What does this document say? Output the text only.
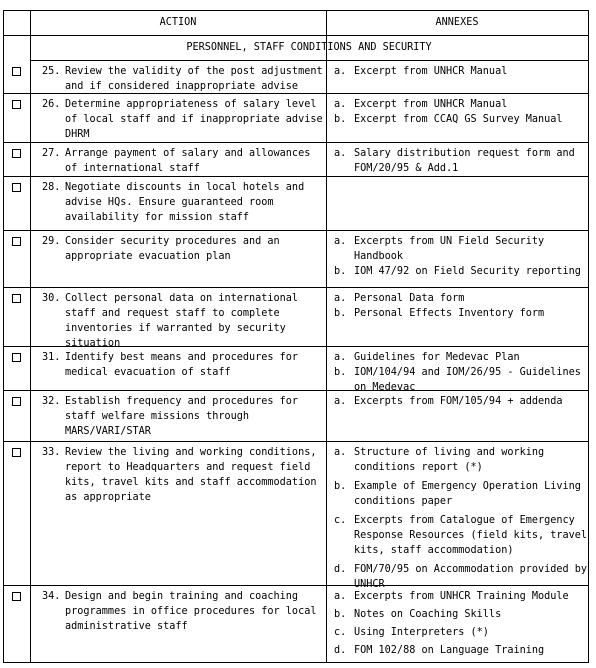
ACTION	ANNEXES
PERSONNEL, STAFF CONDITIONS AND SECURITY
25. Review the validity of the post adjustment
and if considered inappropriate advise
a. Excerpt from UNHCR Manual
26. Determine appropriateness of salary level
of local staff and if inappropriate advise
DHRM
a. Excerpt from UNHCR Manual
b. Excerpt from CCAQ GS Survey Manual
27. Arrange payment of salary and allowances
of international staff
a. Salary distribution request form and
FOM/20/95 & Add.1
28. Negotiate discounts in local hotels and
advise HQs. Ensure guaranteed room
availability for mission staff
29. Consider security procedures and an
appropriate evacuation plan
a. Excerpts from UN Field Security
Handbook
b. IOM 47/92 on Field Security reporting
30. Collect personal data on international
staff and request staff to complete
inventories if warranted by security
situation
a. Personal Data form
b. Personal Effects Inventory form
31. Identify best means and procedures for
medical evacuation of staff
a. Guidelines for Medevac Plan
b. IOM/104/94 and IOM/26/95 - Guidelines
on Medevac
32. Establish frequency and procedures for
staff welfare missions through
MARS/VARI/STAR
a. Excerpts from FOM/105/94 + addenda
33. Review the living and working conditions,
report to Headquarters and request field
kits, travel kits and staff accommodation
as appropriate
a. Structure of living and working
conditions report (*)
b. Example of Emergency Operation Living
conditions paper
c. Excerpts from Catalogue of Emergency
Response Resources (field kits, travel
kits, staff accommodation)
d. FOM/70/95 on Accommodation provided by
UNHCR
34. Design and begin training and coaching
programmes in office procedures for local
administrative staff
a. Excerpts from UNHCR Training Module
b. Notes on Coaching Skills
c. Using Interpreters (*)
d. FOM 102/88 on Language Training
